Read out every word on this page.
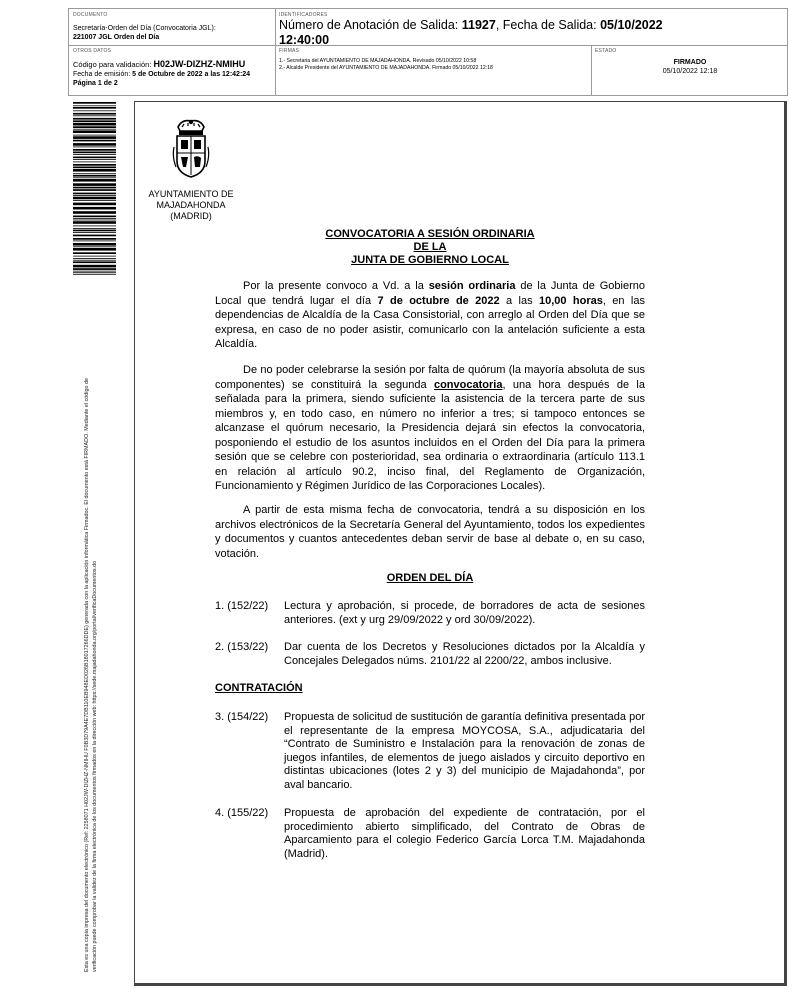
DOCUMENTO
Secretaría-Orden del Día (Convocatoria JGL):
221007 JGL Orden del Día
IDENTIFICADORES
Número de Anotación de Salida: 11927, Fecha de Salida: 05/10/2022
12:40:00
OTROS DATOS
Código para validación: H02JW-DIZHZ-NMIHU
Fecha de emisión: 5 de Octubre de 2022 a las 12:42:24
Página 1 de 2
FIRMAS
1.- Secretaria del AYUNTAMIENTO DE MAJADAHONDA. Revisado 05/10/2022 10:58
2.- Alcalde Presidente del AYUNTAMIENTO DE MAJADAHONDA. Firmado 05/10/2022 12:18
ESTADO
FIRMADO
05/10/2022 12:18
Esta es una copia impresa del documento electrónico (Ref: 2258071 H02JW-DIZHZ-NMIHU F0B3D79A4E7DB110EB948ED026B18017266DDE) generada con la aplicación informática Firmadoc. El documento está FIRMADO. Mediante el código de verificación puede comprobar la validez de la firma electrónica de los documentos firmados en la dirección web: https://sede.majadahonda.org/portal/verificaDocumentos.do
AYUNTAMIENTO DE
MAJADAHONDA
(MADRID)
CONVOCATORIA A SESIÓN ORDINARIA
DE LA
JUNTA DE GOBIERNO LOCAL
Por la presente convoco a Vd. a la sesión ordinaria de la Junta de Gobierno Local que tendrá lugar el día 7 de octubre de 2022 a las 10,00 horas, en las dependencias de Alcaldía de la Casa Consistorial, con arreglo al Orden del Día que se expresa, en caso de no poder asistir, comunicarlo con la antelación suficiente a esta Alcaldía.
De no poder celebrarse la sesión por falta de quórum (la mayoría absoluta de sus componentes) se constituirá la segunda convocatoria, una hora después de la señalada para la primera, siendo suficiente la asistencia de la tercera parte de sus miembros y, en todo caso, en número no inferior a tres; si tampoco entonces se alcanzase el quórum necesario, la Presidencia dejará sin efectos la convocatoria, posponiendo el estudio de los asuntos incluidos en el Orden del Día para la primera sesión que se celebre con posterioridad, sea ordinaria o extraordinaria (artículo 113.1 en relación al artículo 90.2, inciso final, del Reglamento de Organización, Funcionamiento y Régimen Jurídico de las Corporaciones Locales).
A partir de esta misma fecha de convocatoria, tendrá a su disposición en los archivos electrónicos de la Secretaría General del Ayuntamiento, todos los expedientes y documentos y cuantos antecedentes deban servir de base al debate o, en su caso, votación.
ORDEN DEL DÍA
1. (152/22)	Lectura y aprobación, si procede, de borradores de acta de sesiones anteriores. (ext y urg 29/09/2022 y ord 30/09/2022).
2. (153/22)	Dar cuenta de los Decretos y Resoluciones dictados por la Alcaldía y Concejales Delegados núms. 2101/22 al 2200/22, ambos inclusive.
CONTRATACIÓN
3. (154/22)	Propuesta de solicitud de sustitución de garantía definitiva presentada por el representante de la empresa MOYCOSA, S.A., adjudicataria del “Contrato de Suministro e Instalación para la renovación de zonas de juegos infantiles, de elementos de juego aislados y circuito deportivo en distintas ubicaciones (lotes 2 y 3) del municipio de Majadahonda”, por aval bancario.
4. (155/22)	Propuesta de aprobación del expediente de contratación, por el procedimiento abierto simplificado, del Contrato de Obras de Aparcamiento para el colegio Federico García Lorca T.M. Majadahonda (Madrid).
